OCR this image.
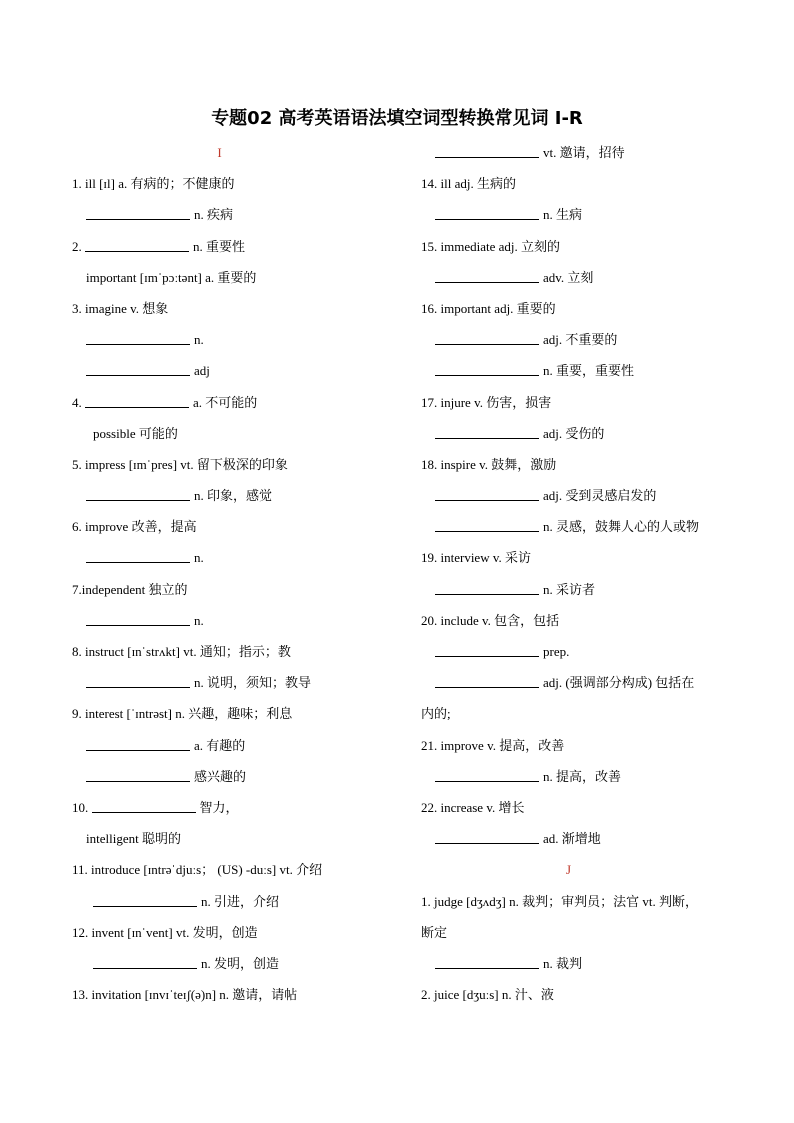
专题02 高考英语语法填空词型转换常见词 I-R
I
1. ill [ɪl] a. 有病的；不健康的
n. 疾病
2.	n. 重要性
important [ɪmˈpɔːtənt] a. 重要的
3. imagine v. 想象
n.
adj
4.	a. 不可能的
possible 可能的
5. impress [ɪmˈpres] vt. 留下极深的印象
n. 印象，感觉
6. improve 改善，提高
n.
7.independent 独立的
n.
8. instruct [ɪnˈstrʌkt] vt. 通知；指示；教
n. 说明，须知；教导
9. interest [ˈɪntrəst] n. 兴趣，趣味；利息
a. 有趣的
感兴趣的
10.	智力，
intelligent 聪明的
11. introduce [ɪntrəˈdjuːs； (US) -duːs] vt. 介绍
n. 引进，介绍
12. invent [ɪnˈvent] vt. 发明，创造
n. 发明，创造
13. invitation [ɪnvɪˈteɪʃ(ə)n] n. 邀请，请帖
vt. 邀请，招待
14. ill adj. 生病的
n. 生病
15. immediate adj. 立刻的
adv. 立刻
16. important adj. 重要的
adj. 不重要的
n. 重要，重要性
17. injure v. 伤害，损害
adj. 受伤的
18. inspire v. 鼓舞，激励
adj. 受到灵感启发的
n. 灵感，鼓舞人心的人或物
19. interview v. 采访
n. 采访者
20. include v. 包含，包括
prep.
adj. (强调部分构成) 包括在
内的;
21. improve v. 提高，改善
n. 提高，改善
22. increase v. 增长
ad. 渐增地
J
1. judge [dʒʌdʒ] n. 裁判；审判员；法官 vt. 判断，
断定
n. 裁判
2. juice [dʒuːs] n. 汁、液
